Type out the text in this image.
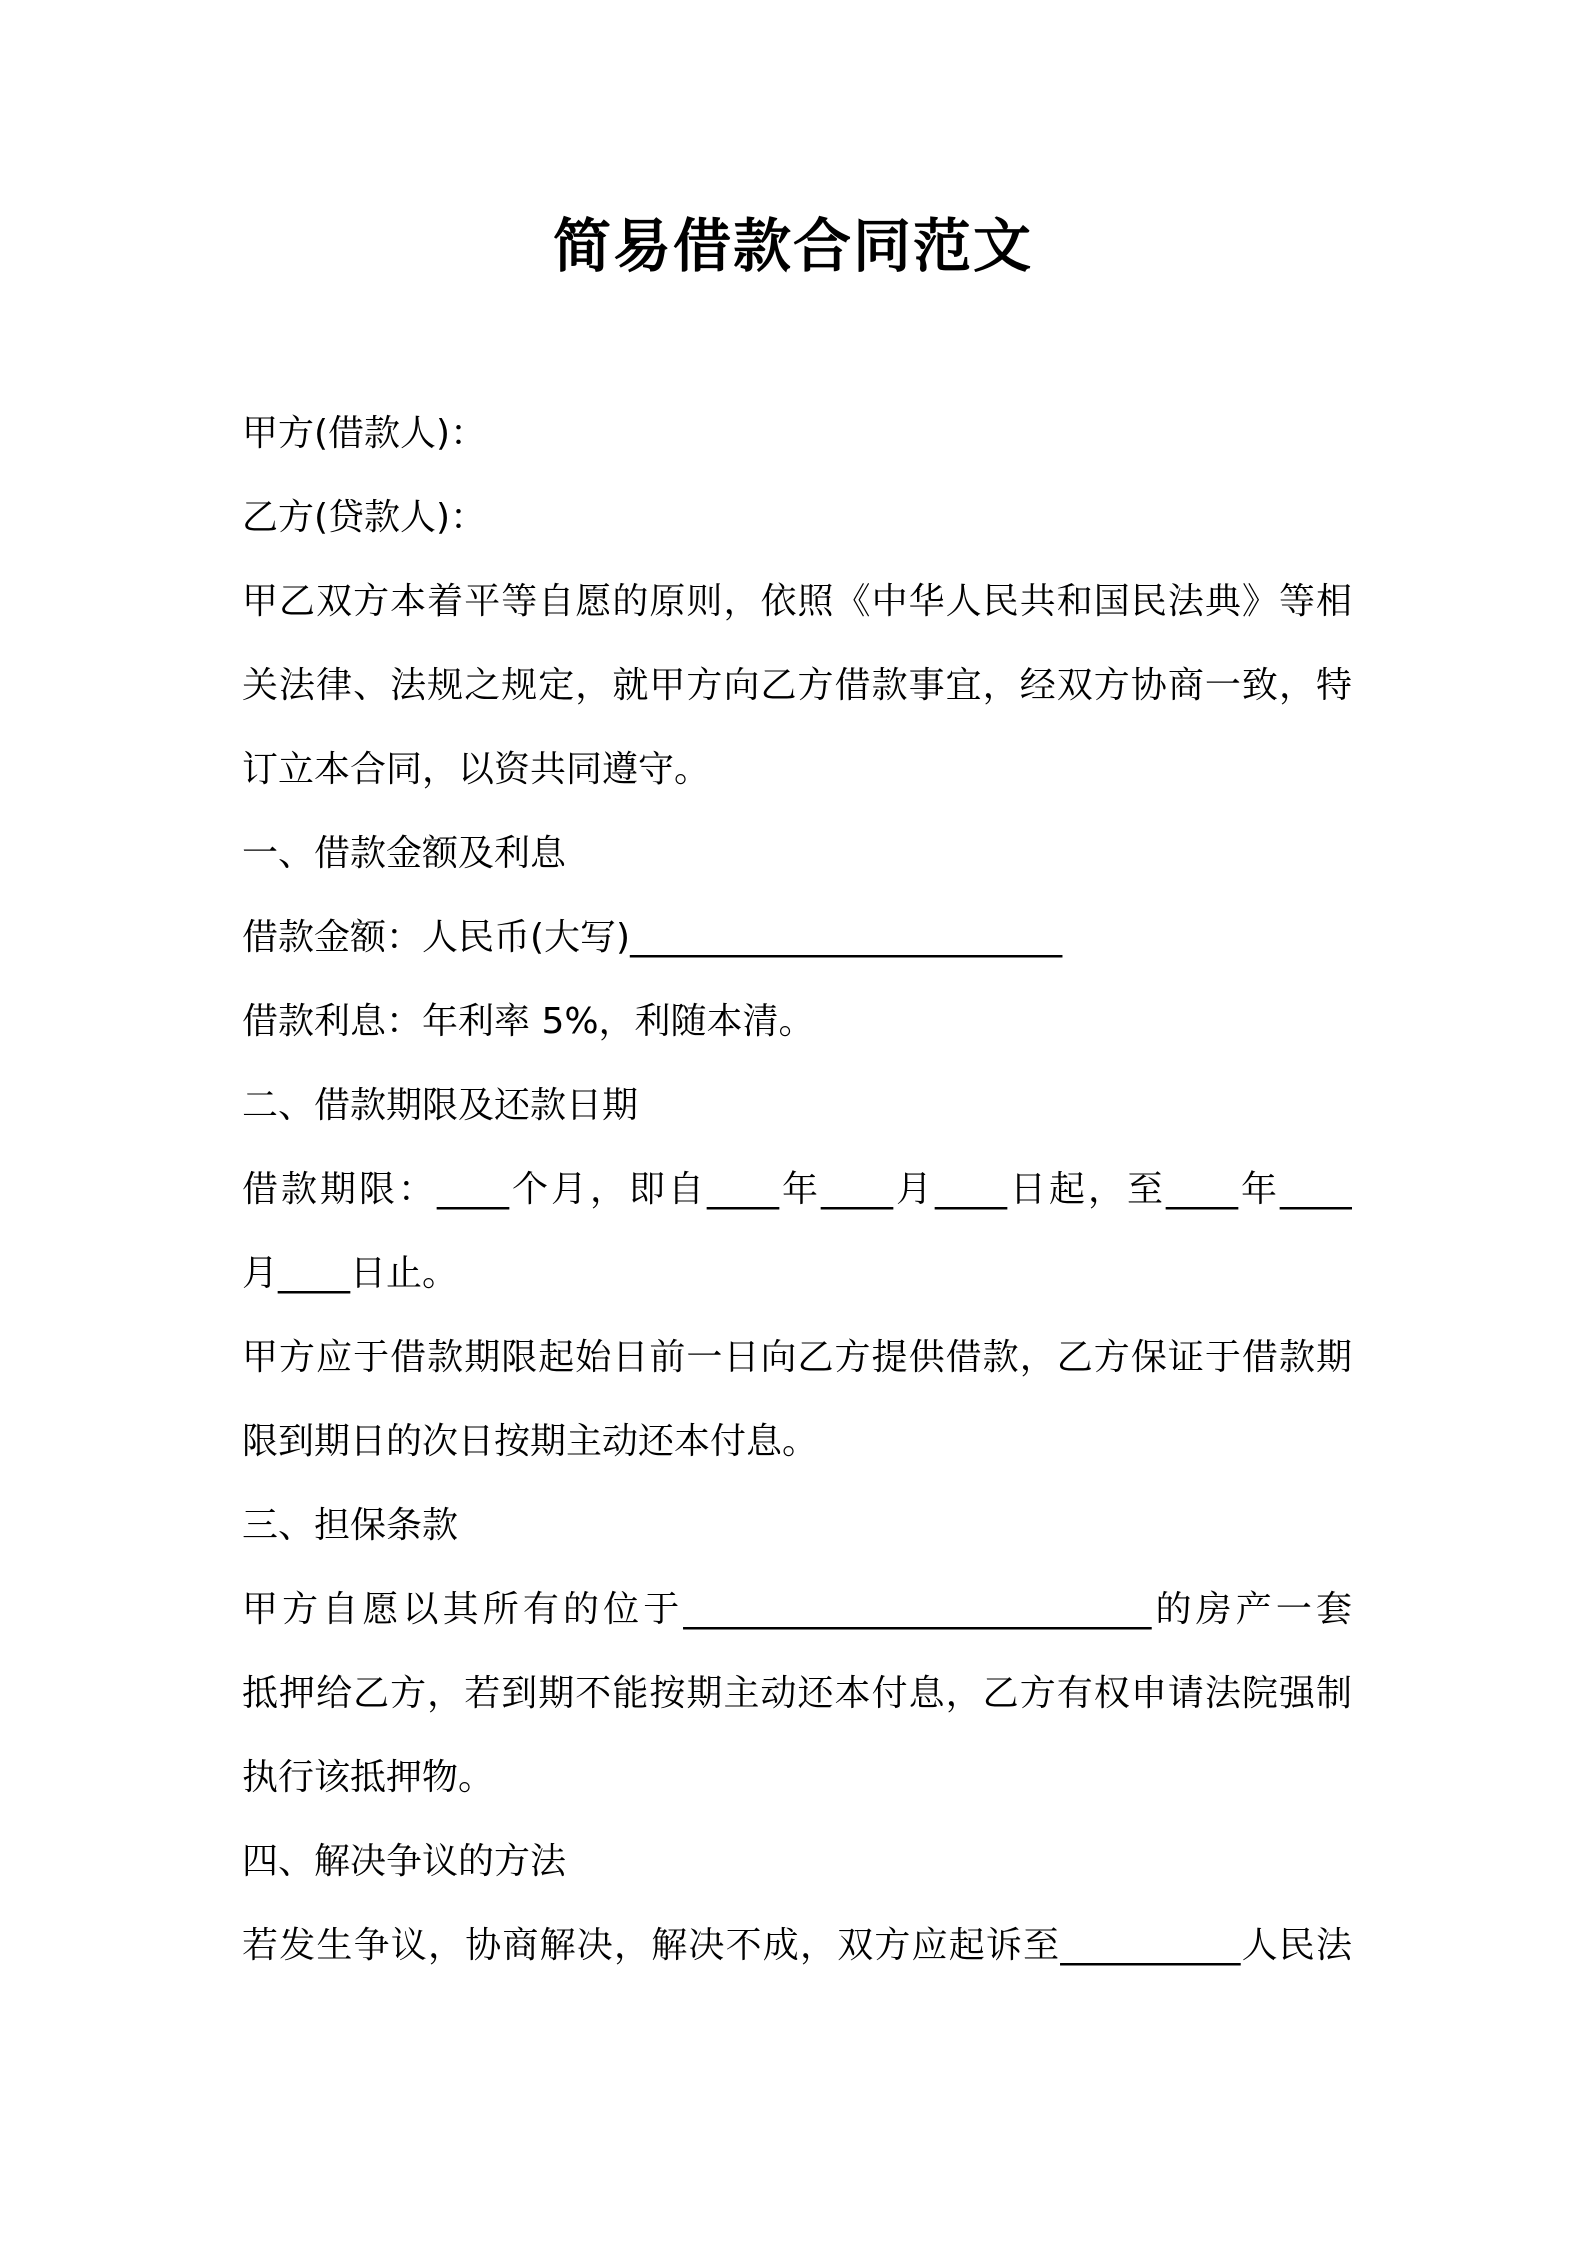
简易借款合同范文
甲方(借款人)：
乙方(贷款人)：
甲乙双方本着平等自愿的原则，依照《中华人民共和国民法典》等相
关法律、法规之规定，就甲方向乙方借款事宜，经双方协商一致，特
订立本合同，以资共同遵守。
一、借款金额及利息
借款金额：人民币(大写)________________________
借款利息：年利率 5%，利随本清。
二、借款期限及还款日期
借款期限：____个月，即自____年____月____日起，至____年____
月____日止。
甲方应于借款期限起始日前一日向乙方提供借款，乙方保证于借款期
限到期日的次日按期主动还本付息。
三、担保条款
甲方自愿以其所有的位于__________________________的房产一套
抵押给乙方，若到期不能按期主动还本付息，乙方有权申请法院强制
执行该抵押物。
四、解决争议的方法
若发生争议，协商解决，解决不成，双方应起诉至__________人民法
